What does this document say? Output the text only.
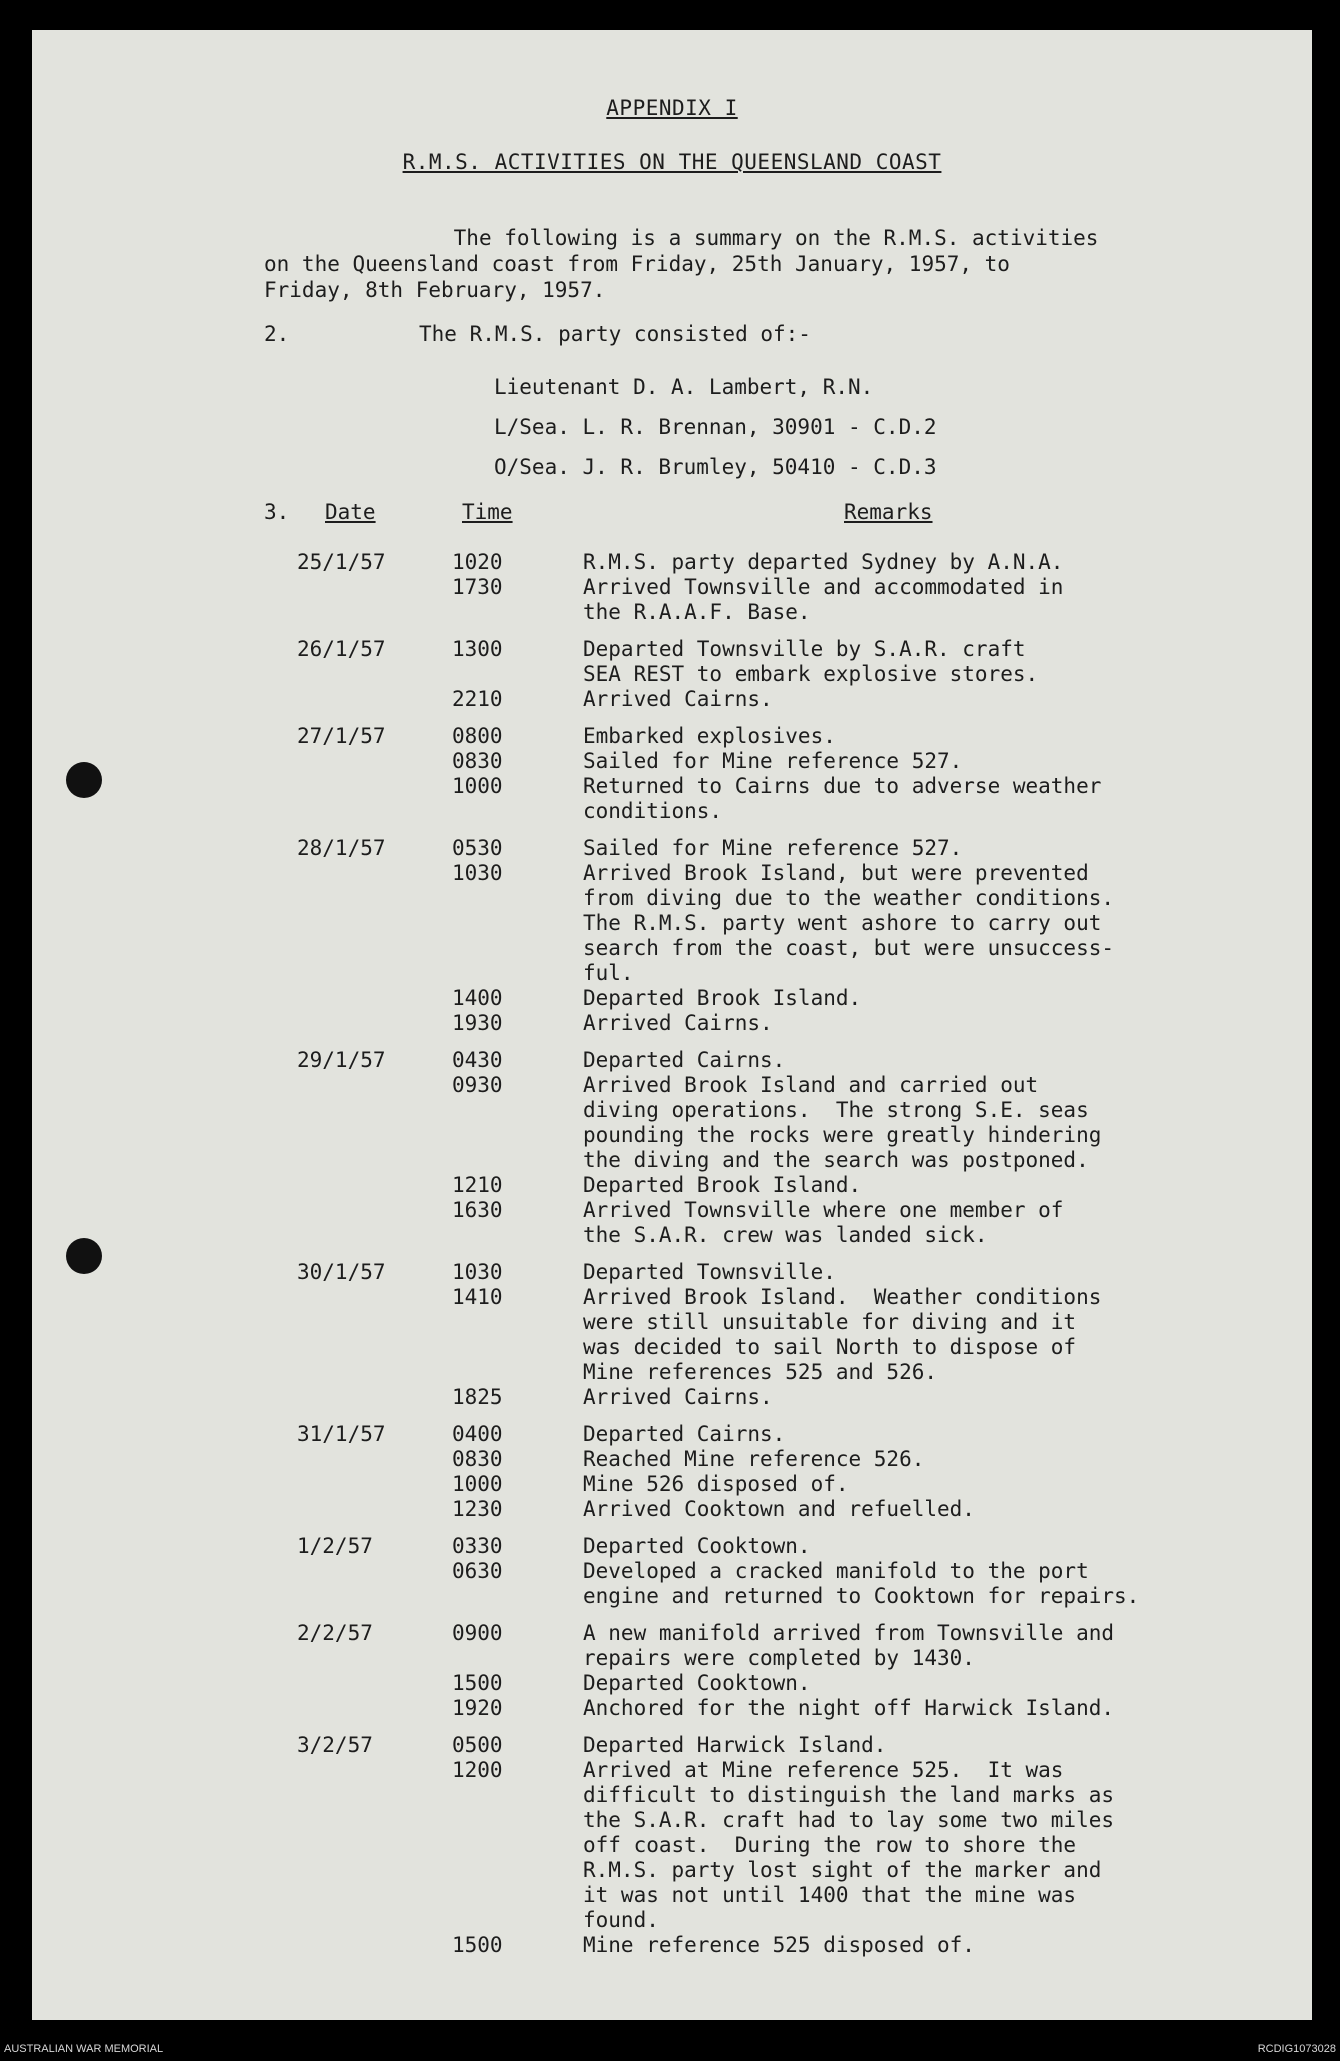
APPENDIX I
R.M.S. ACTIVITIES ON THE QUEENSLAND COAST
The following is a summary on the R.M.S. activities
on the Queensland coast from Friday, 25th January, 1957, to
Friday, 8th February, 1957.
2.	The R.M.S. party consisted of:-
Lieutenant D. A. Lambert, R.N.
L/Sea. L. R. Brennan, 30901 - C.D.2
O/Sea. J. R. Brumley, 50410 - C.D.3
3. Date	Time	Remarks
25/1/57	1020	R.M.S. party departed Sydney by A.N.A.
1730	Arrived Townsville and accommodated in
the R.A.A.F. Base.
26/1/57	1300	Departed Townsville by S.A.R. craft
SEA REST to embark explosive stores.
2210	Arrived Cairns.
27/1/57	0800	Embarked explosives.
0830	Sailed for Mine reference 527.
1000	Returned to Cairns due to adverse weather
conditions.
28/1/57	0530	Sailed for Mine reference 527.
1030	Arrived Brook Island, but were prevented
from diving due to the weather conditions.
The R.M.S. party went ashore to carry out
search from the coast, but were unsuccess-
ful.
1400	Departed Brook Island.
1930	Arrived Cairns.
29/1/57	0430	Departed Cairns.
0930	Arrived Brook Island and carried out
diving operations.  The strong S.E. seas
pounding the rocks were greatly hindering
the diving and the search was postponed.
1210	Departed Brook Island.
1630	Arrived Townsville where one member of
the S.A.R. crew was landed sick.
30/1/57	1030	Departed Townsville.
1410	Arrived Brook Island.  Weather conditions
were still unsuitable for diving and it
was decided to sail North to dispose of
Mine references 525 and 526.
1825	Arrived Cairns.
31/1/57	0400	Departed Cairns.
0830	Reached Mine reference 526.
1000	Mine 526 disposed of.
1230	Arrived Cooktown and refuelled.
1/2/57	0330	Departed Cooktown.
0630	Developed a cracked manifold to the port
engine and returned to Cooktown for repairs.
2/2/57	0900	A new manifold arrived from Townsville and
repairs were completed by 1430.
1500	Departed Cooktown.
1920	Anchored for the night off Harwick Island.
3/2/57	0500	Departed Harwick Island.
1200	Arrived at Mine reference 525.  It was
difficult to distinguish the land marks as
the S.A.R. craft had to lay some two miles
off coast.  During the row to shore the
R.M.S. party lost sight of the marker and
it was not until 1400 that the mine was
found.
1500	Mine reference 525 disposed of.
AUSTRALIAN WAR MEMORIAL	RCDIG1073028
